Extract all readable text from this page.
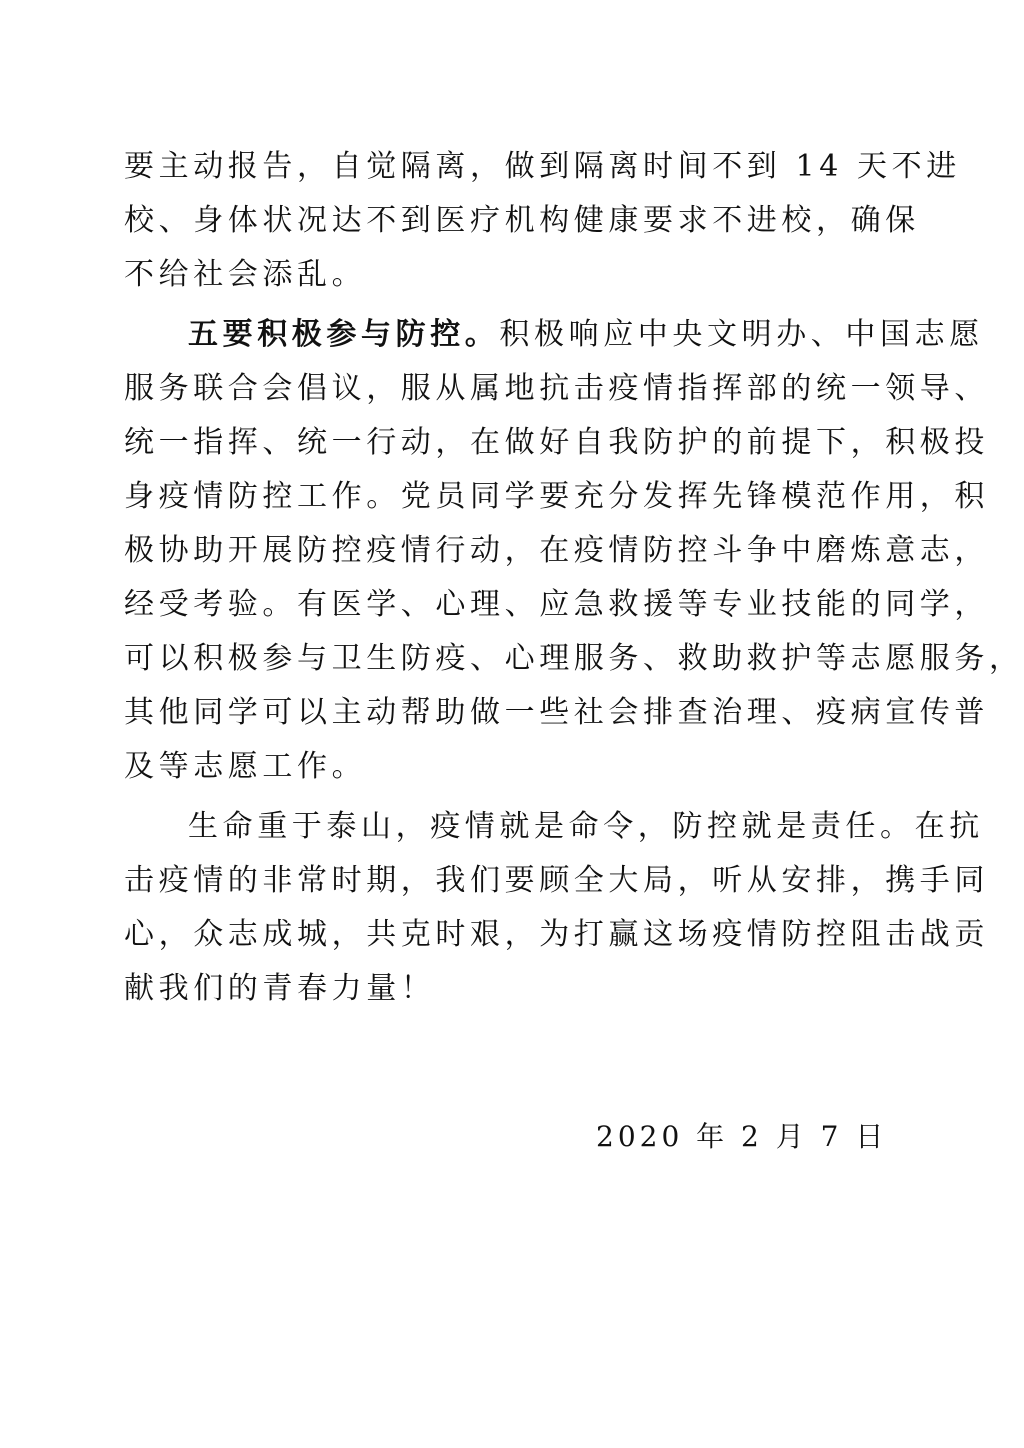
要主动报告，自觉隔离，做到隔离时间不到 14 天不进
校、身体状况达不到医疗机构健康要求不进校，确保
不给社会添乱。
五要积极参与防控。积极响应中央文明办、中国志愿
服务联合会倡议，服从属地抗击疫情指挥部的统一领导、
统一指挥、统一行动，在做好自我防护的前提下，积极投
身疫情防控工作。党员同学要充分发挥先锋模范作用，积
极协助开展防控疫情行动，在疫情防控斗争中磨炼意志，
经受考验。有医学、心理、应急救援等专业技能的同学，
可以积极参与卫生防疫、心理服务、救助救护等志愿服务，
其他同学可以主动帮助做一些社会排查治理、疫病宣传普
及等志愿工作。
生命重于泰山，疫情就是命令，防控就是责任。在抗
击疫情的非常时期，我们要顾全大局，听从安排，携手同
心，众志成城，共克时艰，为打赢这场疫情防控阻击战贡
献我们的青春力量！
2020 年 2 月 7 日
